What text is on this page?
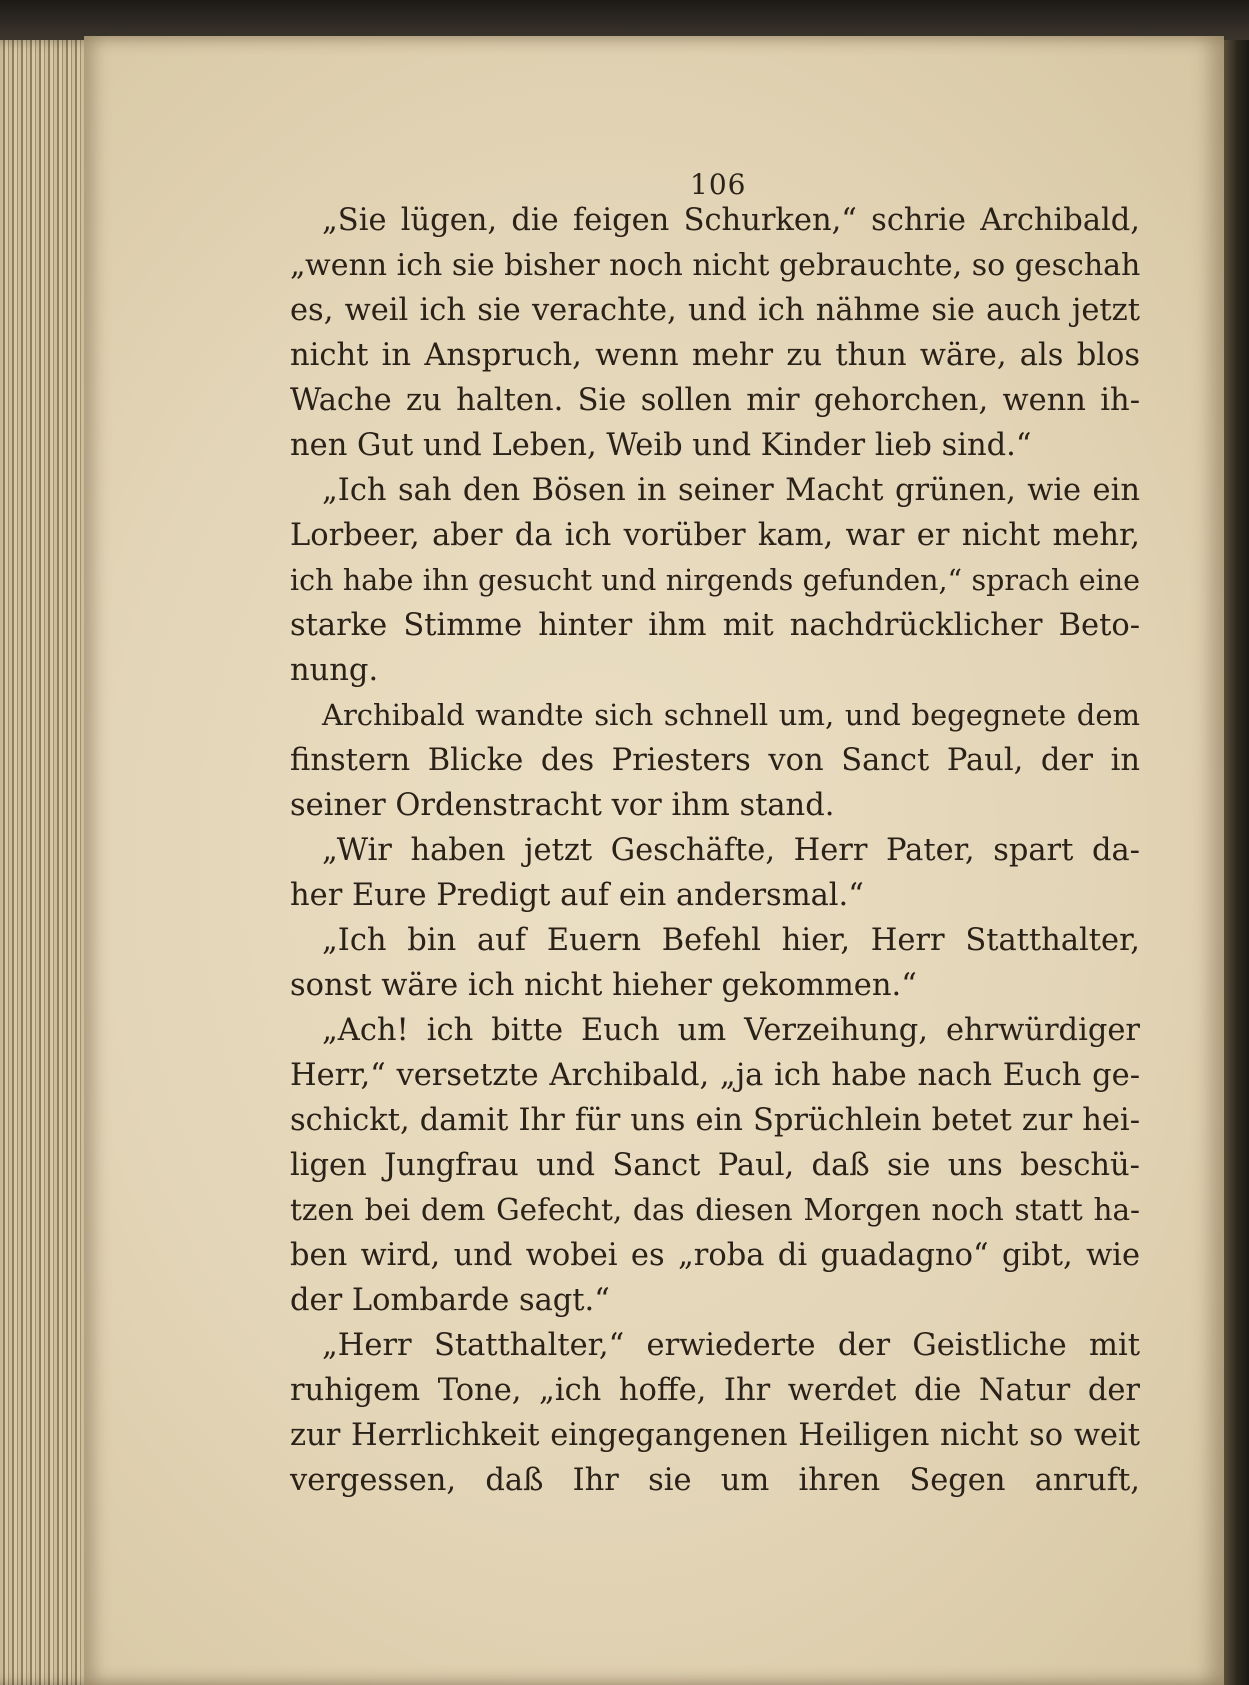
106
„Sie lügen, die feigen Schurken,“ schrie Archibald,
„wenn ich sie bisher noch nicht gebrauchte, so geschah
es, weil ich sie verachte, und ich nähme sie auch jetzt
nicht in Anspruch, wenn mehr zu thun wäre, als blos
Wache zu halten. Sie sollen mir gehorchen, wenn ih-
nen Gut und Leben, Weib und Kinder lieb sind.“
„Ich sah den Bösen in seiner Macht grünen, wie ein
Lorbeer, aber da ich vorüber kam, war er nicht mehr,
ich habe ihn gesucht und nirgends gefunden,“ sprach eine
starke Stimme hinter ihm mit nachdrücklicher Beto-
nung.
Archibald wandte sich schnell um, und begegnete dem
finstern Blicke des Priesters von Sanct Paul, der in
seiner Ordenstracht vor ihm stand.
„Wir haben jetzt Geschäfte, Herr Pater, spart da-
her Eure Predigt auf ein andersmal.“
„Ich bin auf Euern Befehl hier, Herr Statthalter,
sonst wäre ich nicht hieher gekommen.“
„Ach! ich bitte Euch um Verzeihung, ehrwürdiger
Herr,“ versetzte Archibald, „ja ich habe nach Euch ge-
schickt, damit Ihr für uns ein Sprüchlein betet zur hei-
ligen Jungfrau und Sanct Paul, daß sie uns beschü-
tzen bei dem Gefecht, das diesen Morgen noch statt ha-
ben wird, und wobei es „roba di guadagno“ gibt, wie
der Lombarde sagt.“
„Herr Statthalter,“ erwiederte der Geistliche mit
ruhigem Tone, „ich hoffe, Ihr werdet die Natur der
zur Herrlichkeit eingegangenen Heiligen nicht so weit
vergessen, daß Ihr sie um ihren Segen anruft,
